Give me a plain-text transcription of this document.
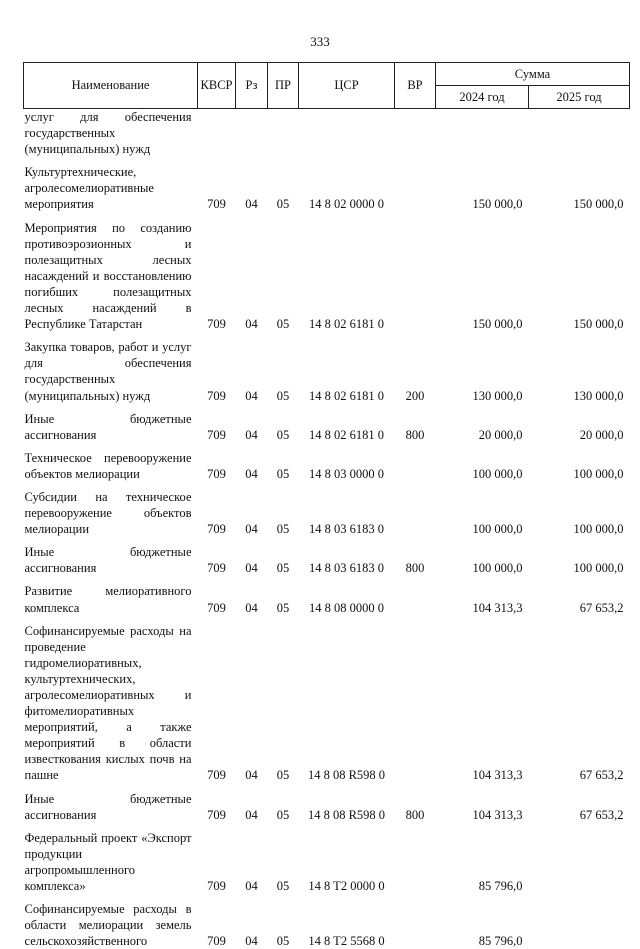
333
Наименование	КВСР	Рз	ПР	ЦСР	ВР	Сумма	
						2024 год	2025 год
услуг для обеспечения государственных (муниципальных) нужд							
Культуртехнические, агролесомелиоративные мероприятия	709	04	05	14 8 02 0000 0		150 000,0	150 000,0
Мероприятия по созданию противоэрозионных и полезащитных лесных насаждений и восстановлению погибших полезащитных лесных насаждений в Республике Татарстан	709	04	05	14 8 02 6181 0		150 000,0	150 000,0
Закупка товаров, работ и услуг для обеспечения государственных (муниципальных) нужд	709	04	05	14 8 02 6181 0	200	130 000,0	130 000,0
Иные бюджетные ассигнования	709	04	05	14 8 02 6181 0	800	20 000,0	20 000,0
Техническое перевооружение объектов мелиорации	709	04	05	14 8 03 0000 0		100 000,0	100 000,0
Субсидии на техническое перевооружение объектов мелиорации	709	04	05	14 8 03 6183 0		100 000,0	100 000,0
Иные бюджетные ассигнования	709	04	05	14 8 03 6183 0	800	100 000,0	100 000,0
Развитие мелиоративного комплекса	709	04	05	14 8 08 0000 0		104 313,3	67 653,2
Софинансируемые расходы на проведение гидромелиоративных, культуртехнических, агролесомелиоративных и фитомелиоративных мероприятий, а также мероприятий в области известкования кислых почв на пашне	709	04	05	14 8 08 R598 0		104 313,3	67 653,2
Иные бюджетные ассигнования	709	04	05	14 8 08 R598 0	800	104 313,3	67 653,2
Федеральный проект «Экспорт продукции агропромышленного комплекса»	709	04	05	14 8 T2 0000 0		85 796,0	
Софинансируемые расходы в области мелиорации земель сельскохозяйственного	709	04	05	14 8 T2 5568 0		85 796,0	
